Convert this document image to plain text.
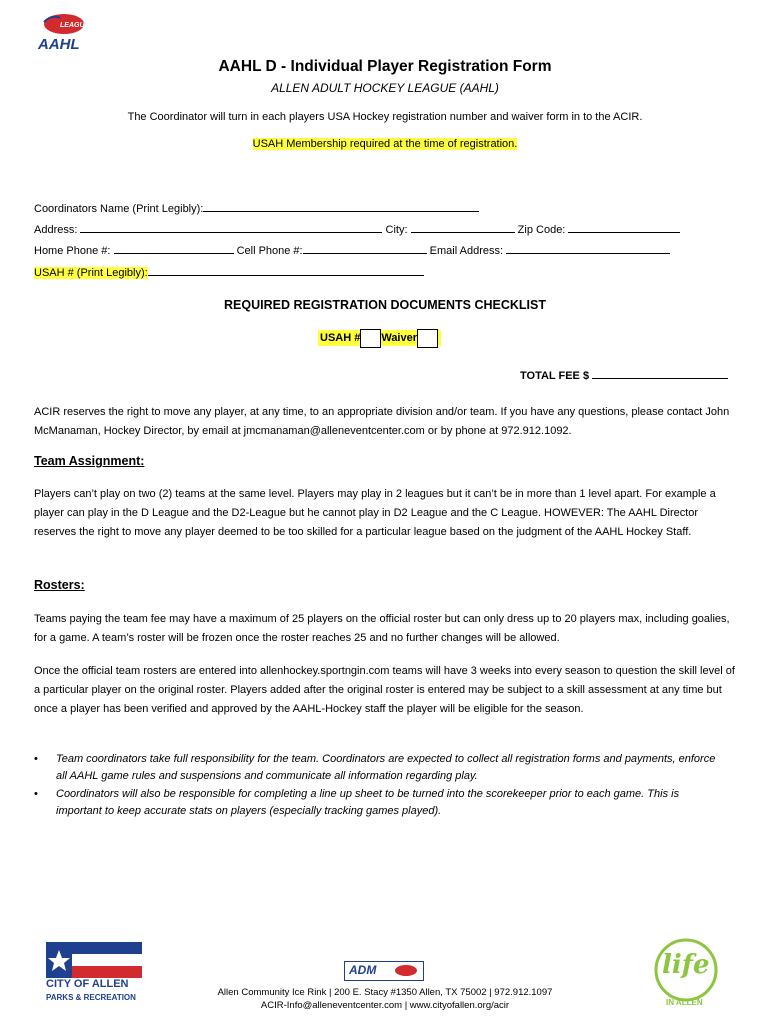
LEAGUE
AAHL
AAHL D - Individual Player Registration Form
ALLEN ADULT HOCKEY LEAGUE (AAHL)
The Coordinator will turn in each players USA Hockey registration number and waiver form in to the ACIR.
USAH Membership required at the time of registration.
Coordinators Name (Print Legibly):
Address:	City:	Zip Code:
Home Phone #:	Cell Phone #:	Email Address:
USAH # (Print Legibly):
REQUIRED REGISTRATION DOCUMENTS CHECKLIST
USAH # Waiver
TOTAL FEE $
ACIR reserves the right to move any player, at any time, to an appropriate division and/or team. If you have any questions, please contact John McManaman, Hockey Director, by email at jmcmanaman@alleneventcenter.com or by phone at 972.912.1092.
Team Assignment:
Players can’t play on two (2) teams at the same level. Players may play in 2 leagues but it can’t be in more than 1 level apart. For example a player can play in the D League and the D2-League but he cannot play in D2 League and the C League. HOWEVER: The AAHL Director reserves the right to move any player deemed to be too skilled for a particular league based on the judgment of the AAHL Hockey Staff.
Rosters:
Teams paying the team fee may have a maximum of 25 players on the official roster but can only dress up to 20 players max, including goalies, for a game. A team’s roster will be frozen once the roster reaches 25 and no further changes will be allowed.
Once the official team rosters are entered into allenhockey.sportngin.com teams will have 3 weeks into every season to question the skill level of a particular player on the original roster. Players added after the original roster is entered may be subject to a skill assessment at any time but once a player has been verified and approved by the AAHL-Hockey staff the player will be eligible for the season.
• Team coordinators take full responsibility for the team. Coordinators are expected to collect all registration forms and payments, enforce all AAHL game rules and suspensions and communicate all information regarding play.
• Coordinators will also be responsible for completing a line up sheet to be turned into the scorekeeper prior to each game. This is important to keep accurate stats on players (especially tracking games played).
CITY OF ALLEN
PARKS & RECREATION
ADM
Allen Community Ice Rink | 200 E. Stacy #1350 Allen, TX 75002 | 972.912.1097
ACIR-Info@alleneventcenter.com | www.cityofallen.org/acir
life
IN ALLEN
